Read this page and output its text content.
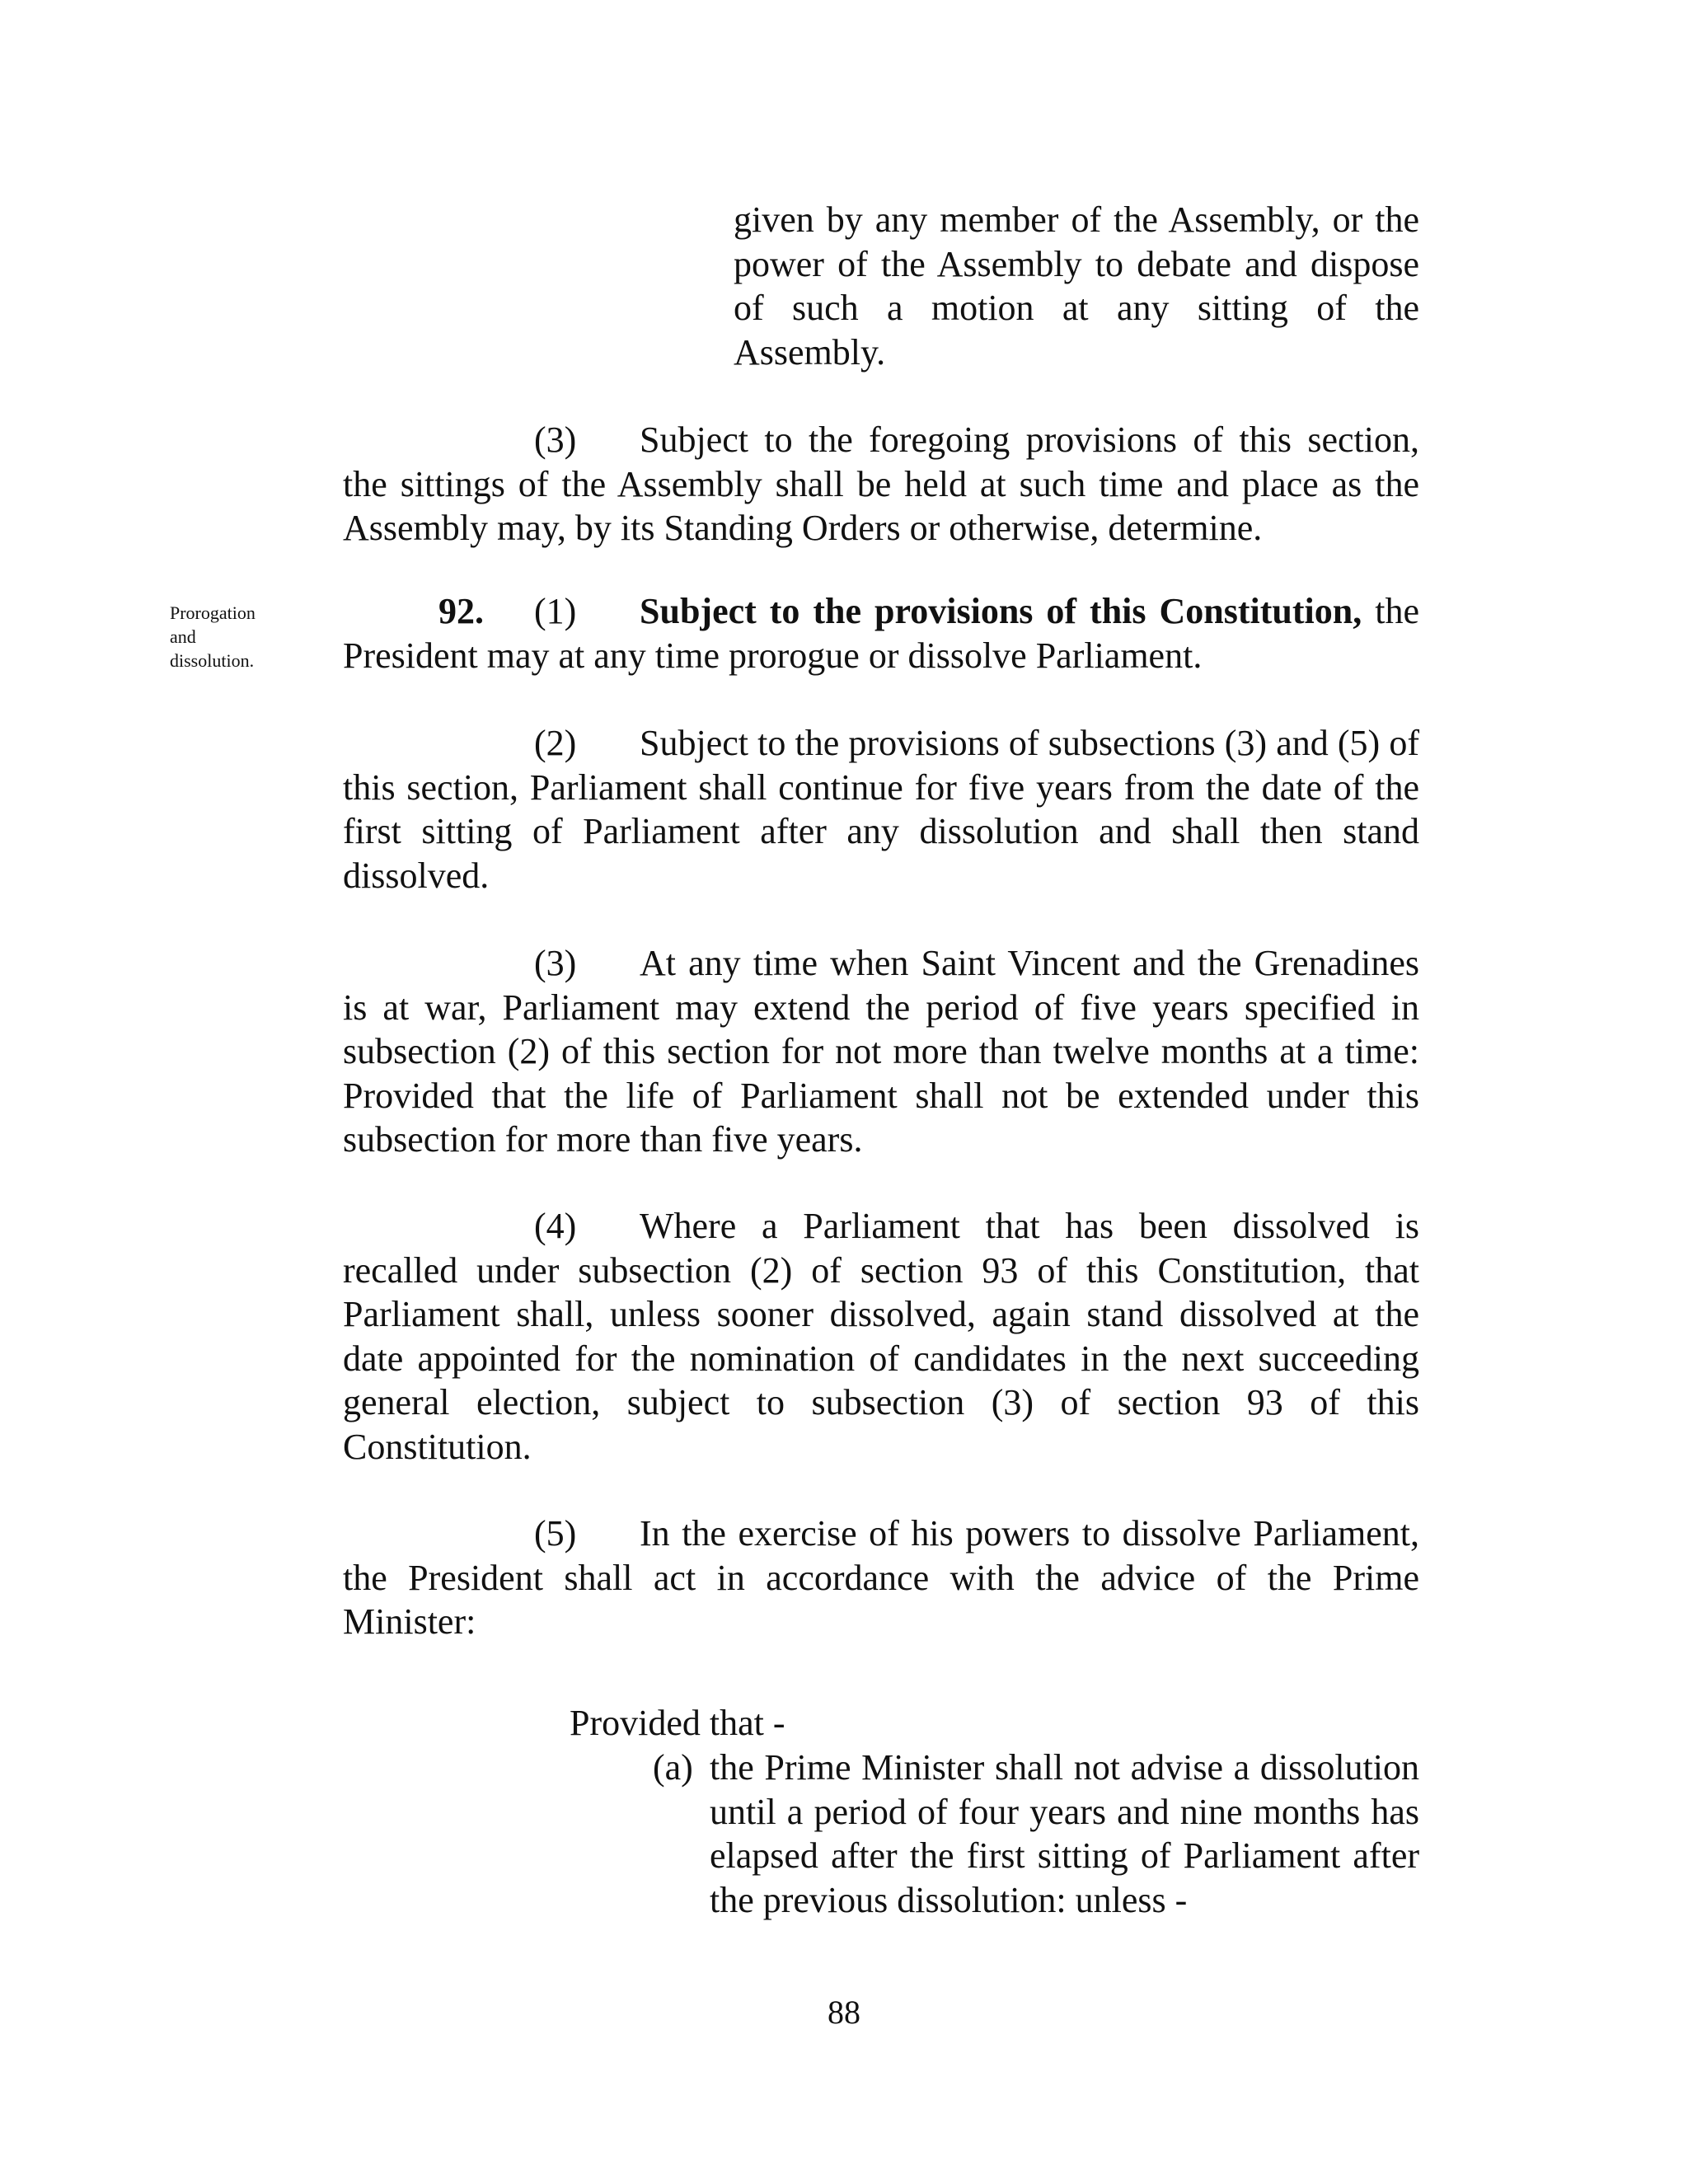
given by any member of the Assembly, or the power of the Assembly to debate and dispose of such a motion at any sitting of the Assembly.
(3) Subject to the foregoing provisions of this section, the sittings of the Assembly shall be held at such time and place as the Assembly may, by its Standing Orders or otherwise, determine.
Prorogation
and
dissolution.
92. (1) Subject to the provisions of this Constitution, the President may at any time prorogue or dissolve Parliament.
(2) Subject to the provisions of subsections (3) and (5) of this section, Parliament shall continue for five years from the date of the first sitting of Parliament after any dissolution and shall then stand dissolved.
(3) At any time when Saint Vincent and the Grenadines is at war, Parliament may extend the period of five years specified in subsection (2) of this section for not more than twelve months at a time: Provided that the life of Parliament shall not be extended under this subsection for more than five years.
(4) Where a Parliament that has been dissolved is recalled under subsection (2) of section 93 of this Constitution, that Parliament shall, unless sooner dissolved, again stand dissolved at the date appointed for the nomination of candidates in the next succeeding general election, subject to subsection (3) of section 93 of this Constitution.
(5) In the exercise of his powers to dissolve Parliament, the President shall act in accordance with the advice of the Prime Minister:
Provided that -
(a) the Prime Minister shall not advise a dissolution until a period of four years and nine months has elapsed after the first sitting of Parliament after the previous dissolution: unless -
88
